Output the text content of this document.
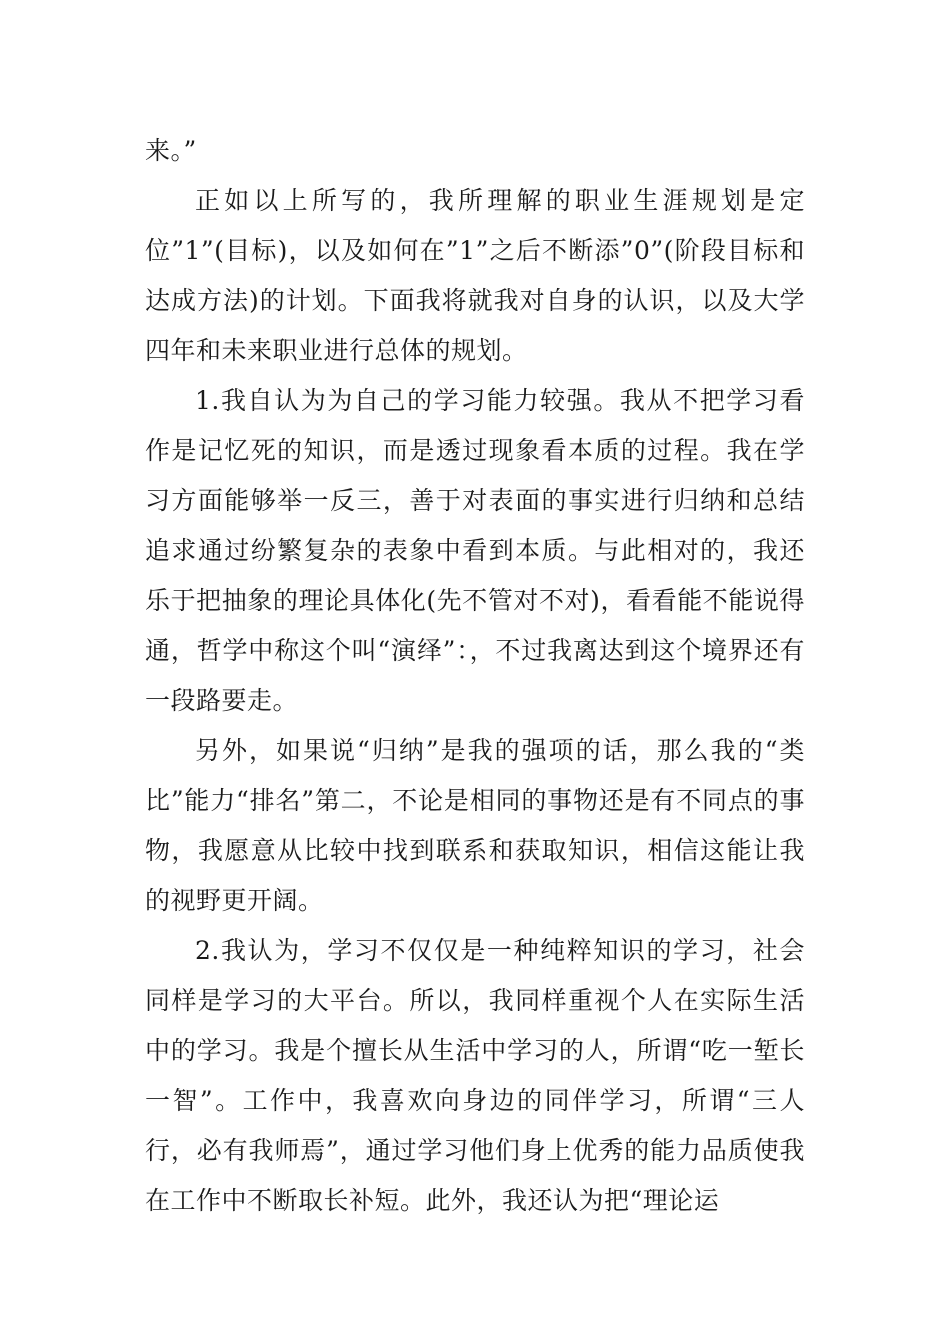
来。”

正如以上所写的，我所理解的职业生涯规划是定位”1”(目标)，以及如何在”1”之后不断添”0”(阶段目标和达成方法)的计划。下面我将就我对自身的认识，以及大学四年和未来职业进行总体的规划。

1.我自认为为自己的学习能力较强。我从不把学习看作是记忆死的知识，而是透过现象看本质的过程。我在学习方面能够举一反三，善于对表面的事实进行归纳和总结追求通过纷繁复杂的表象中看到本质。与此相对的，我还乐于把抽象的理论具体化(先不管对不对)，看看能不能说得通，哲学中称这个叫“演绎”：，不过我离达到这个境界还有一段路要走。

另外，如果说“归纳”是我的强项的话，那么我的“类比”能力“排名”第二，不论是相同的事物还是有不同点的事物，我愿意从比较中找到联系和获取知识，相信这能让我的视野更开阔。

2.我认为，学习不仅仅是一种纯粹知识的学习，社会同样是学习的大平台。所以，我同样重视个人在实际生活中的学习。我是个擅长从生活中学习的人，所谓“吃一堑长一智”。工作中，我喜欢向身边的同伴学习，所谓“三人行，必有我师焉”，通过学习他们身上优秀的能力品质使我在工作中不断取长补短。此外，我还认为把“理论运
